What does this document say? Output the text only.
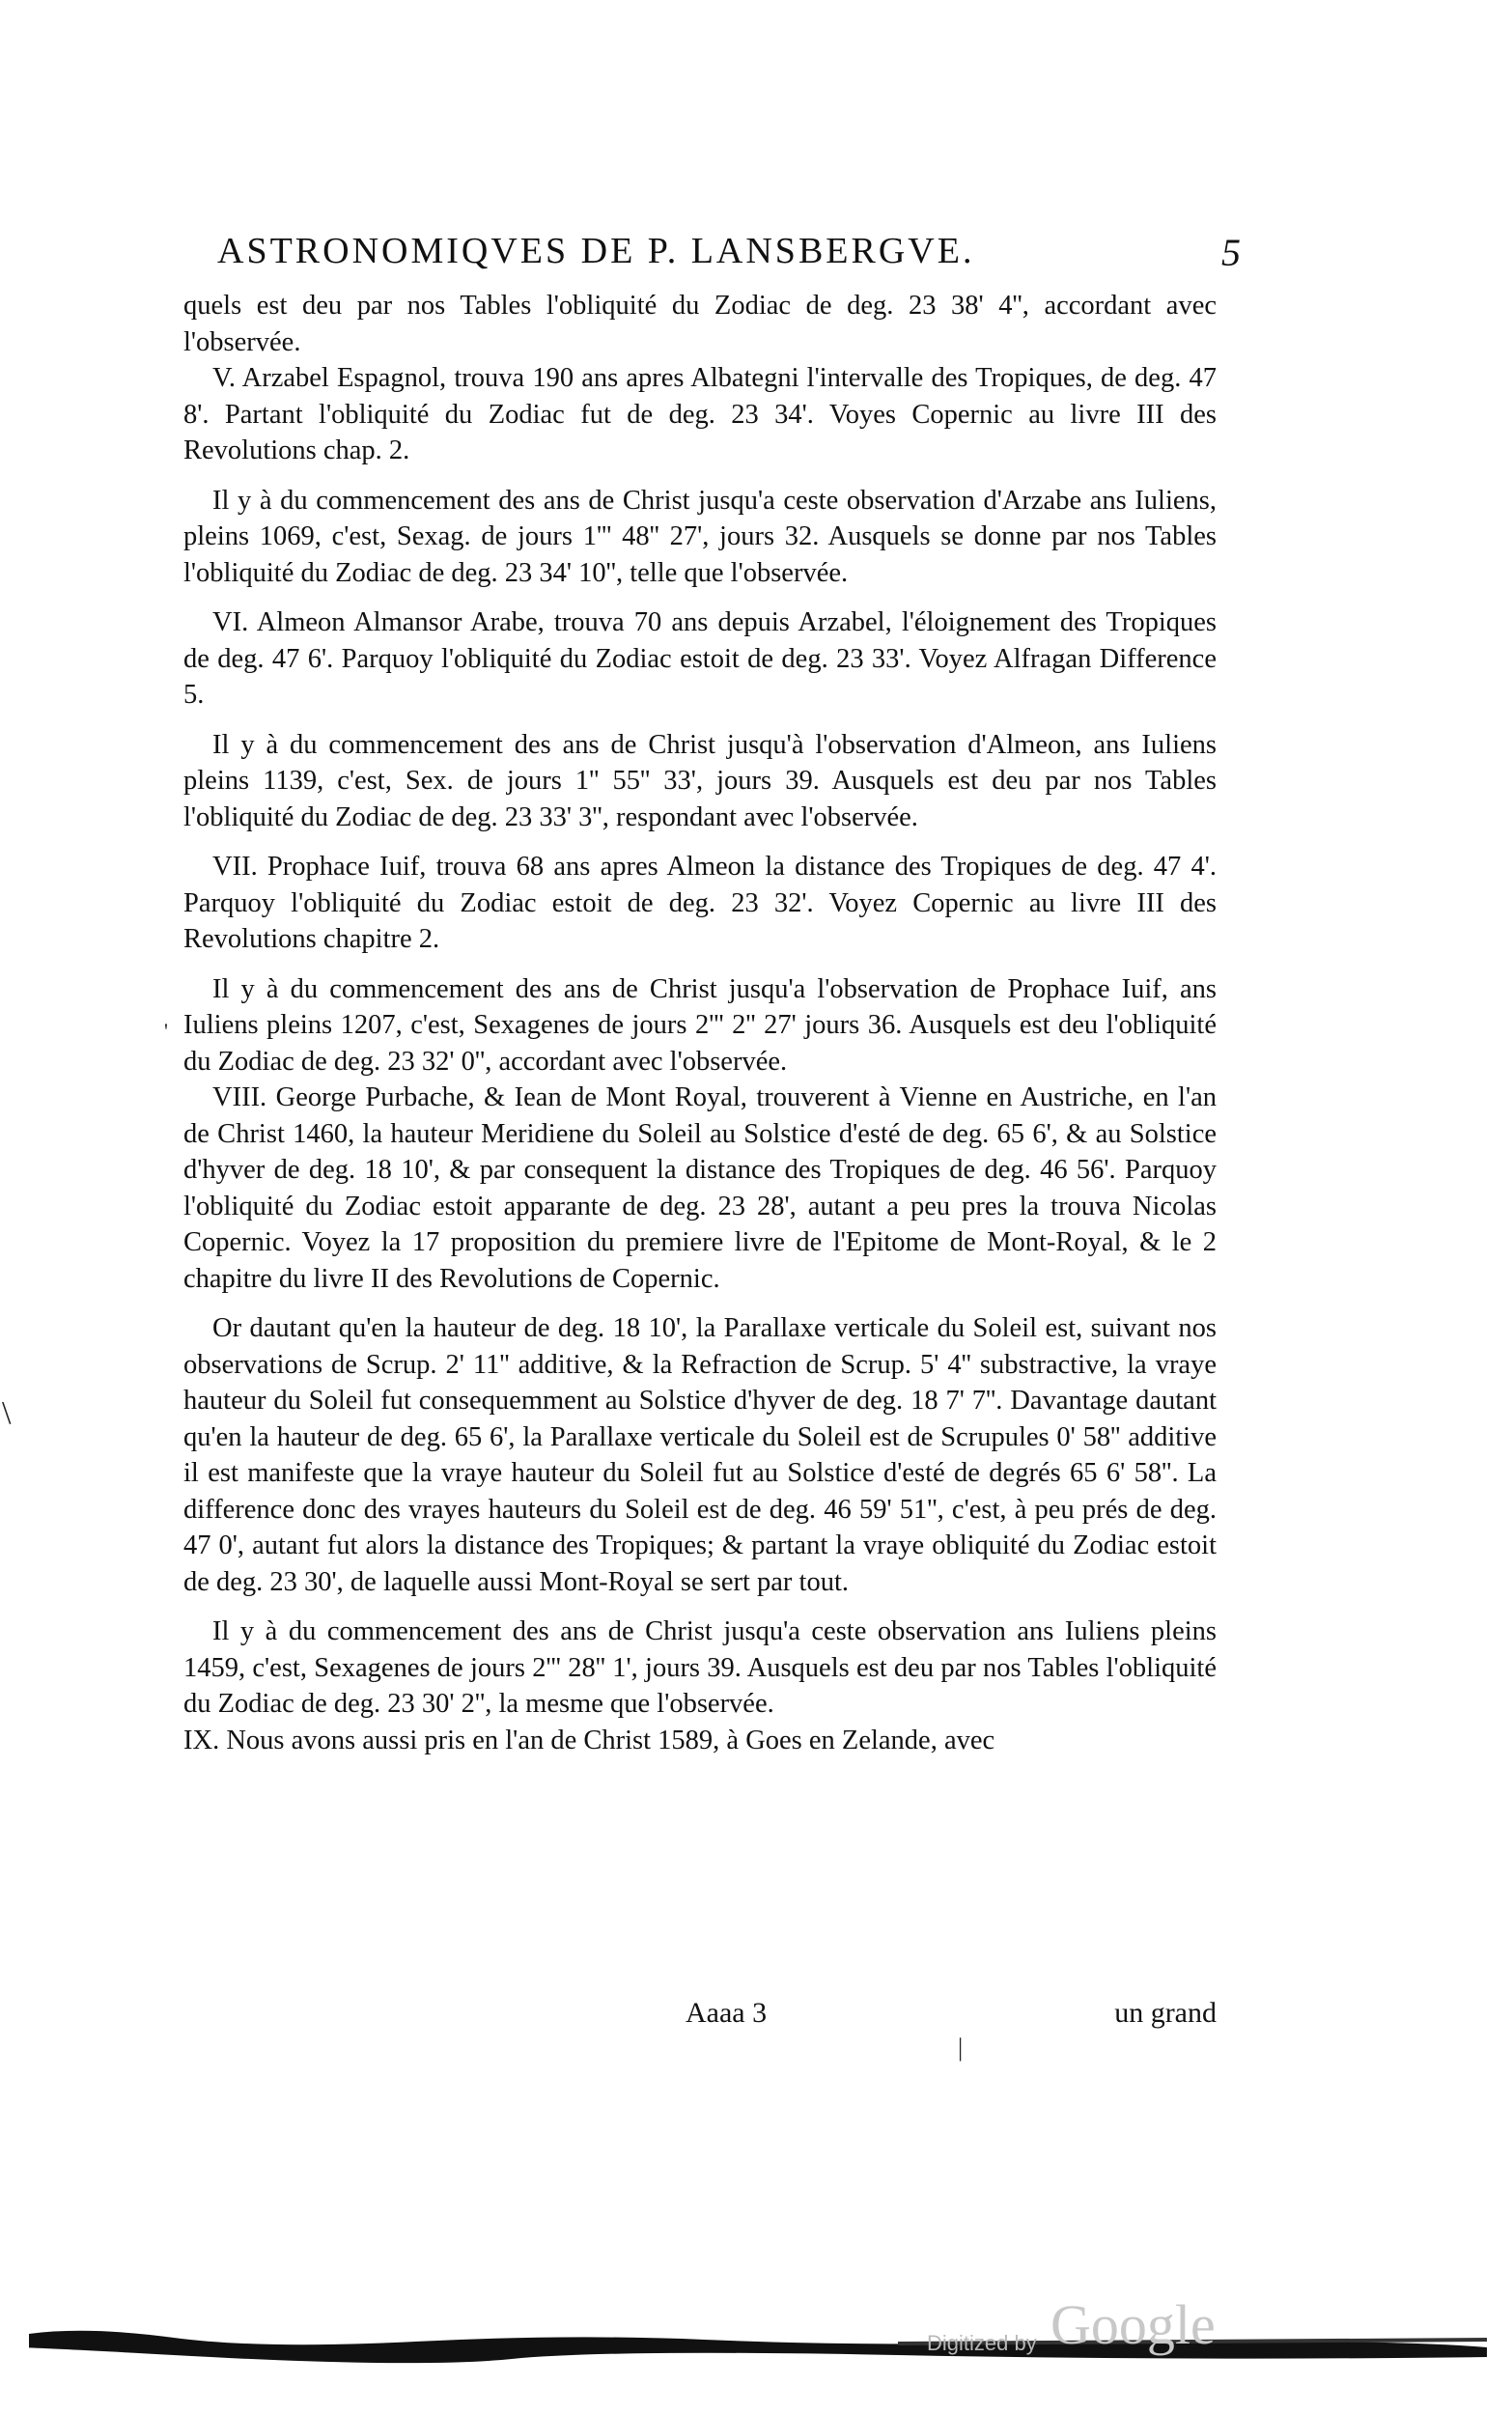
ASTRONOMIQVES DE P. LANSBERGVE.	5

quels est deu par nos Tables l'obliquité du Zodiac de deg. 23 38' 4'', accordant avec l'observée.

V. Arzabel Espagnol, trouva 190 ans apres Albategni l'intervalle des Tropiques, de deg. 47 8'. Partant l'obliquité du Zodiac fut de deg. 23 34'. Voyes Copernic au livre III des Revolutions chap. 2.

Il y à du commencement des ans de Christ jusqu'a ceste observation d'Arzabe ans Iuliens, pleins 1069, c'est, Sexag. de jours 1''' 48'' 27', jours 32. Ausquels se donne par nos Tables l'obliquité du Zodiac de deg. 23 34' 10'', telle que l'observée.

VI. Almeon Almansor Arabe, trouva 70 ans depuis Arzabel, l'éloignement des Tropiques de deg. 47 6'. Parquoy l'obliquité du Zodiac estoit de deg. 23 33'. Voyez Alfragan Difference 5.

Il y à du commencement des ans de Christ jusqu'à l'observation d'Almeon, ans Iuliens pleins 1139, c'est, Sex. de jours 1'' 55'' 33', jours 39. Ausquels est deu par nos Tables l'obliquité du Zodiac de deg. 23 33' 3'', respondant avec l'observée.

VII. Prophace Iuif, trouva 68 ans apres Almeon la distance des Tropiques de deg. 47 4'. Parquoy l'obliquité du Zodiac estoit de deg. 23 32'. Voyez Copernic au livre III des Revolutions chapitre 2.

Il y à du commencement des ans de Christ jusqu'a l'observation de Prophace Iuif, ans Iuliens pleins 1207, c'est, Sexagenes de jours 2''' 2'' 27' jours 36. Ausquels est deu l'obliquité du Zodiac de deg. 23 32' 0'', accordant avec l'observée.

VIII. George Purbache, & Iean de Mont Royal, trouverent à Vienne en Austriche, en l'an de Christ 1460, la hauteur Meridiene du Soleil au Solstice d'esté de deg. 65 6', & au Solstice d'hyver de deg. 18 10', & par consequent la distance des Tropiques de deg. 46 56'. Parquoy l'obliquité du Zodiac estoit apparante de deg. 23 28', autant a peu pres la trouva Nicolas Copernic. Voyez la 17 proposition du premiere livre de l'Epitome de Mont-Royal, & le 2 chapitre du livre II des Revolutions de Copernic.

Or dautant qu'en la hauteur de deg. 18 10', la Parallaxe verticale du Soleil est, suivant nos observations de Scrup. 2' 11'' additive, & la Refraction de Scrup. 5' 4'' substractive, la vraye hauteur du Soleil fut consequemment au Solstice d'hyver de deg. 18 7' 7''. Davantage dautant qu'en la hauteur de deg. 65 6', la Parallaxe verticale du Soleil est de Scrupules 0' 58'' additive il est manifeste que la vraye hauteur du Soleil fut au Solstice d'esté de degrés 65 6' 58''. La difference donc des vrayes hauteurs du Soleil est de deg. 46 59' 51'', c'est, à peu prés de deg. 47 0', autant fut alors la distance des Tropiques; & partant la vraye obliquité du Zodiac estoit de deg. 23 30', de laquelle aussi Mont-Royal se sert par tout.

Il y à du commencement des ans de Christ jusqu'a ceste observation ans Iuliens pleins 1459, c'est, Sexagenes de jours 2''' 28'' 1', jours 39. Ausquels est deu par nos Tables l'obliquité du Zodiac de deg. 23 30' 2'', la mesme que l'observée.

IX. Nous avons aussi pris en l'an de Christ 1589, à Goes en Zelande, avec

Aaaa 3	un grand
\
'
|
Digitized by Google
